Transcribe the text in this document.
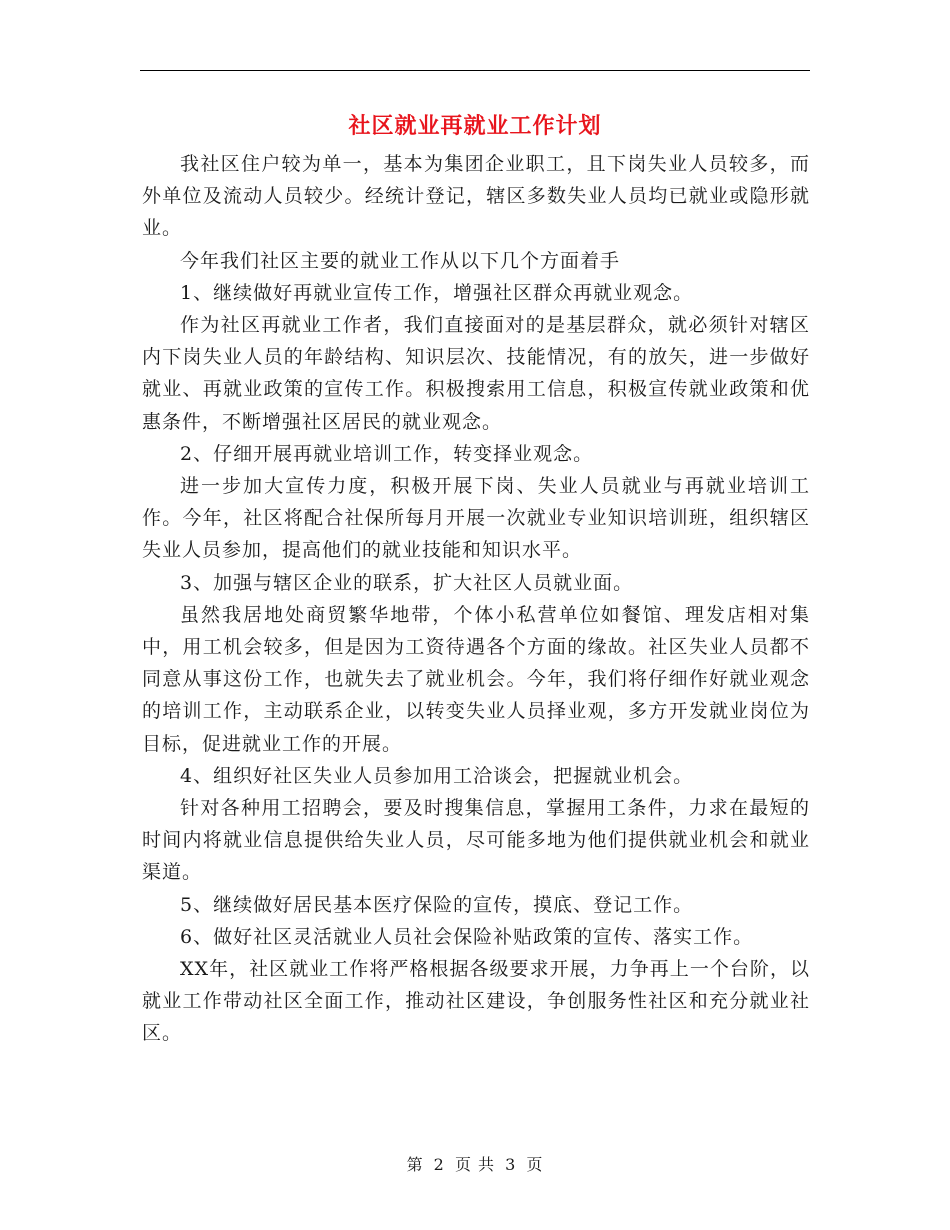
社区就业再就业工作计划

我社区住户较为单一，基本为集团企业职工，且下岗失业人员较多，而外单位及流动人员较少。经统计登记，辖区多数失业人员均已就业或隐形就业。

今年我们社区主要的就业工作从以下几个方面着手

1、继续做好再就业宣传工作，增强社区群众再就业观念。

作为社区再就业工作者，我们直接面对的是基层群众，就必须针对辖区内下岗失业人员的年龄结构、知识层次、技能情况，有的放矢，进一步做好就业、再就业政策的宣传工作。积极搜索用工信息，积极宣传就业政策和优惠条件，不断增强社区居民的就业观念。

2、仔细开展再就业培训工作，转变择业观念。

进一步加大宣传力度，积极开展下岗、失业人员就业与再就业培训工作。今年，社区将配合社保所每月开展一次就业专业知识培训班，组织辖区失业人员参加，提高他们的就业技能和知识水平。

3、加强与辖区企业的联系，扩大社区人员就业面。

虽然我居地处商贸繁华地带，个体小私营单位如餐馆、理发店相对集中，用工机会较多，但是因为工资待遇各个方面的缘故。社区失业人员都不同意从事这份工作，也就失去了就业机会。今年，我们将仔细作好就业观念的培训工作，主动联系企业，以转变失业人员择业观，多方开发就业岗位为目标，促进就业工作的开展。

4、组织好社区失业人员参加用工洽谈会，把握就业机会。

针对各种用工招聘会，要及时搜集信息，掌握用工条件，力求在最短的时间内将就业信息提供给失业人员，尽可能多地为他们提供就业机会和就业渠道。

5、继续做好居民基本医疗保险的宣传，摸底、登记工作。

6、做好社区灵活就业人员社会保险补贴政策的宣传、落实工作。

XX年，社区就业工作将严格根据各级要求开展，力争再上一个台阶，以就业工作带动社区全面工作，推动社区建设，争创服务性社区和充分就业社区。

第 2 页 共 3 页
